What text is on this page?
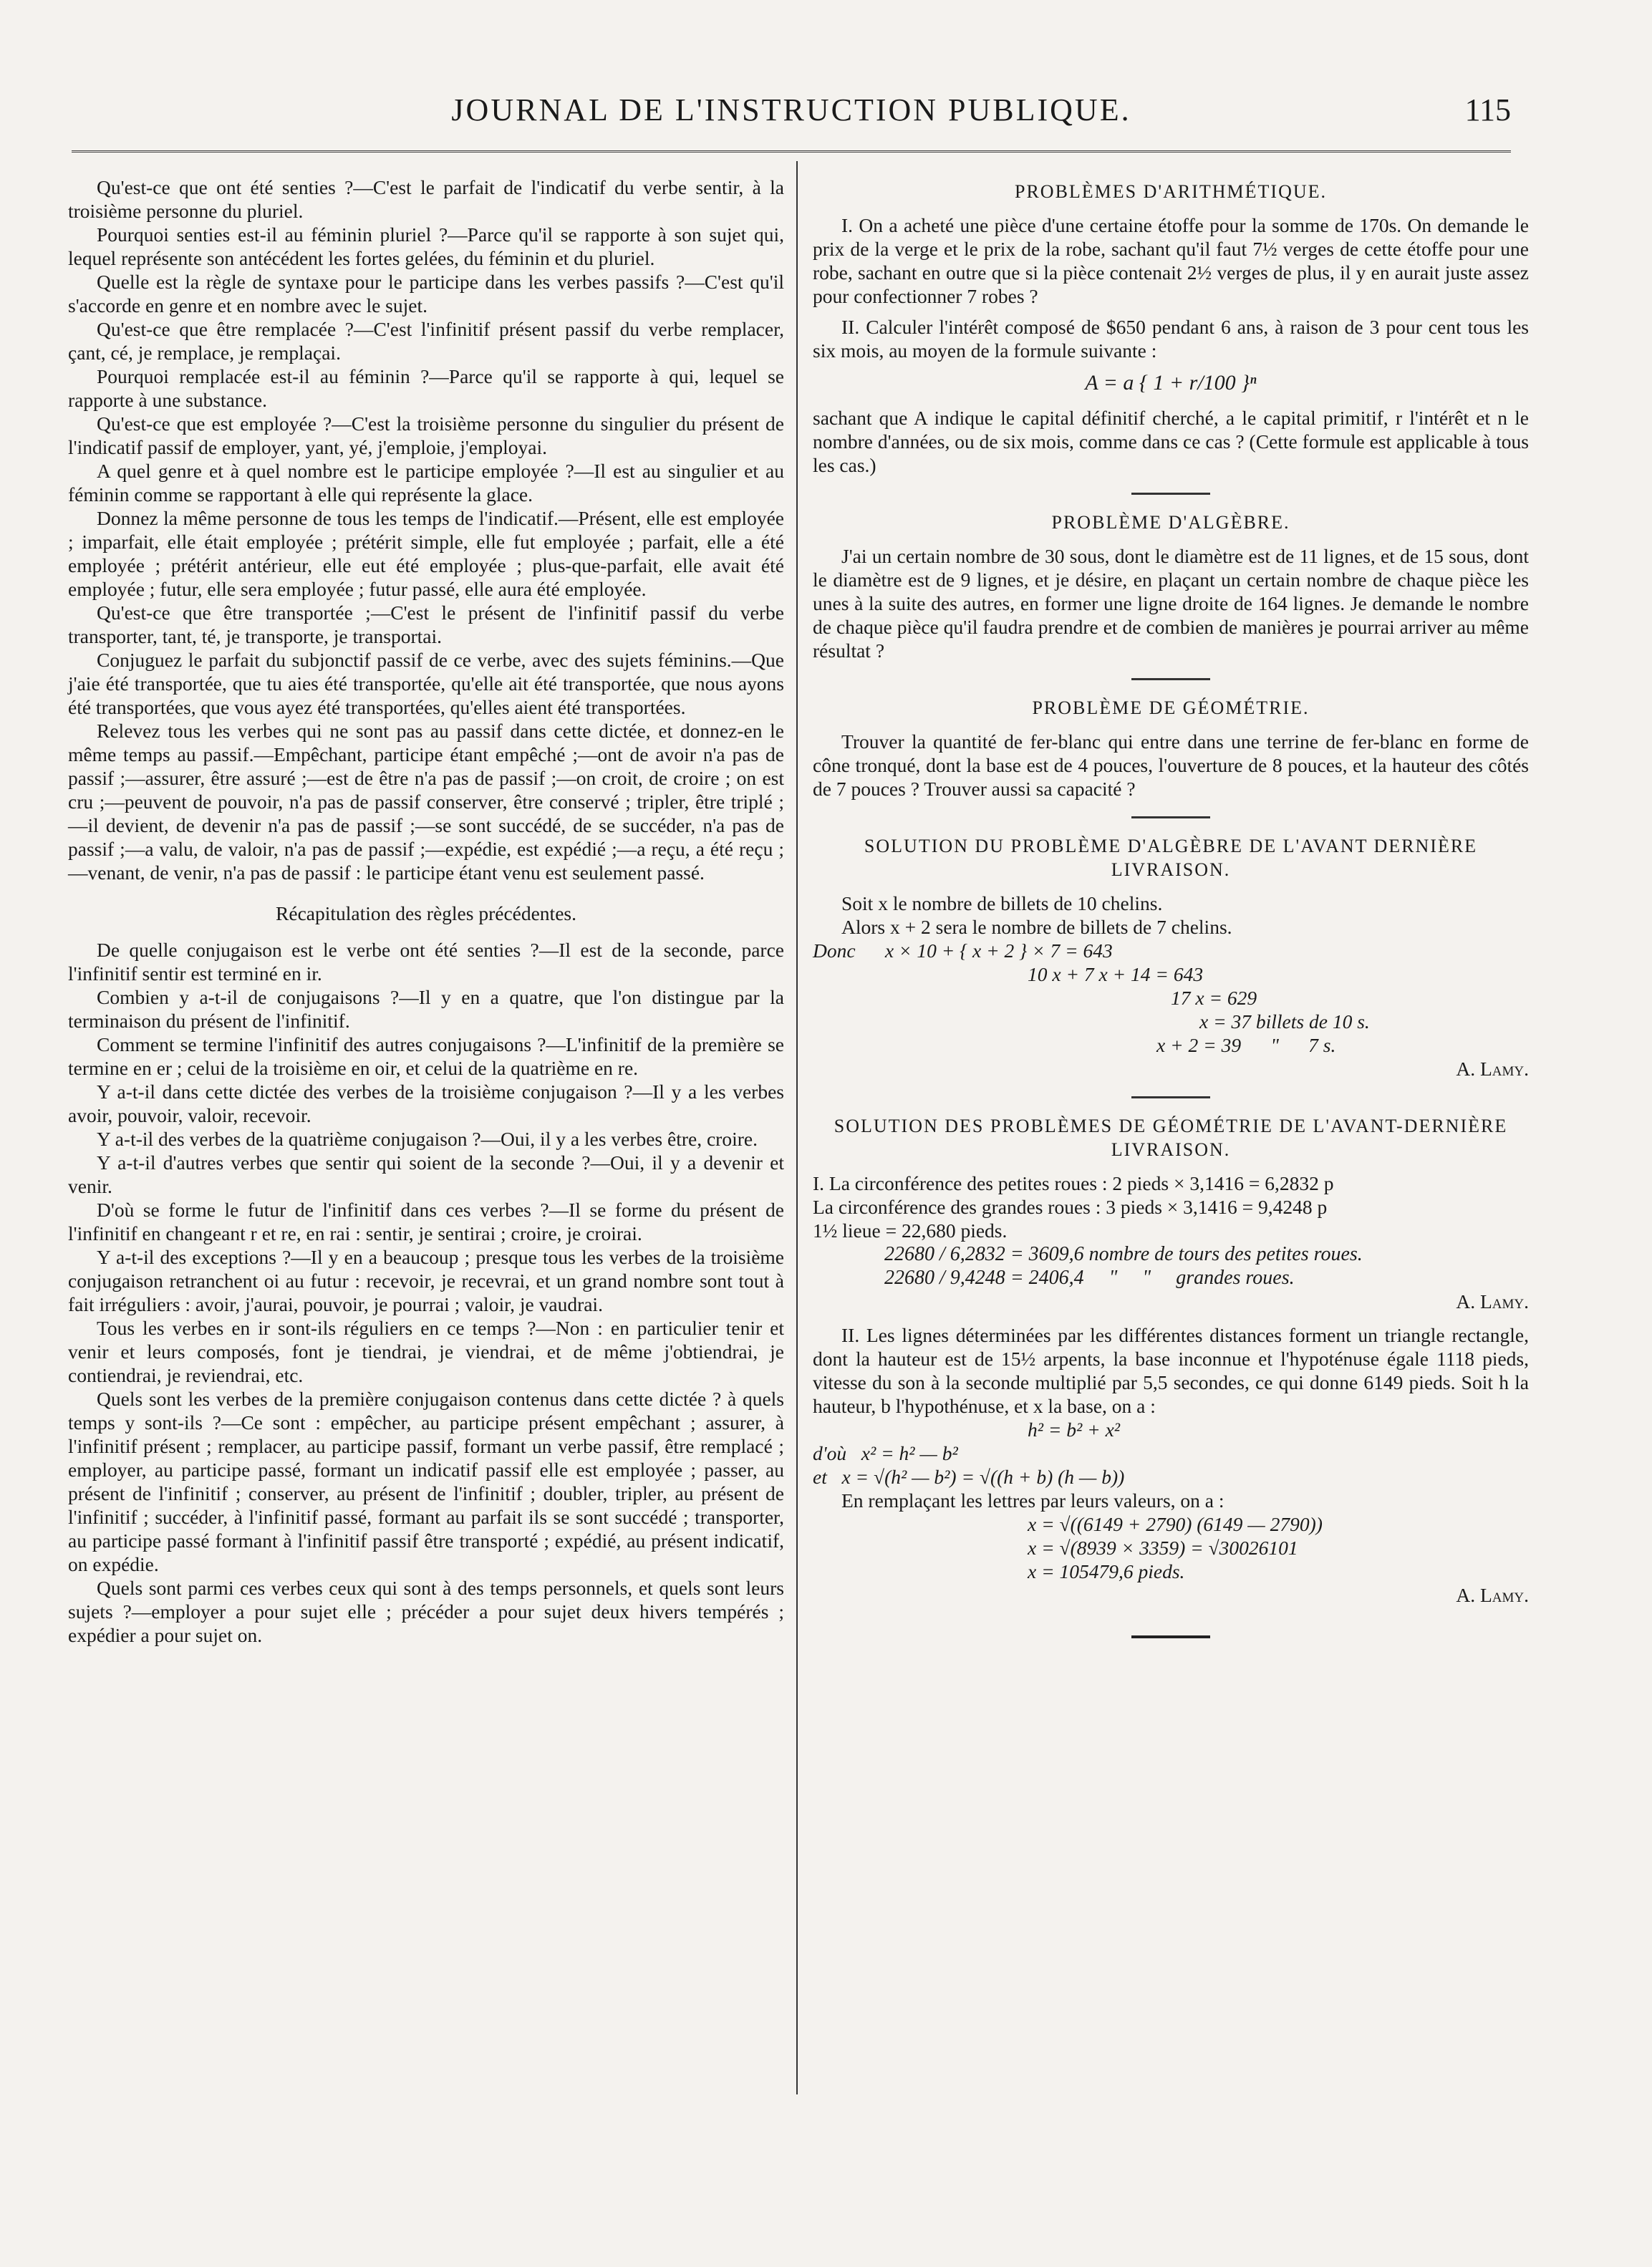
JOURNAL DE L'INSTRUCTION PUBLIQUE.	115

Qu'est-ce que ont été senties ?—C'est le parfait de l'indicatif du verbe sentir, à la troisième personne du pluriel.

Pourquoi senties est-il au féminin pluriel ?—Parce qu'il se rapporte à son sujet qui, lequel représente son antécédent les fortes gelées, du féminin et du pluriel.

Quelle est la règle de syntaxe pour le participe dans les verbes passifs ?—C'est qu'il s'accorde en genre et en nombre avec le sujet.

Qu'est-ce que être remplacée ?—C'est l'infinitif présent passif du verbe remplacer, çant, cé, je remplace, je remplaçai.

Pourquoi remplacée est-il au féminin ?—Parce qu'il se rapporte à qui, lequel se rapporte à une substance.

Qu'est-ce que est employée ?—C'est la troisième personne du singulier du présent de l'indicatif passif de employer, yant, yé, j'emploie, j'employai.

A quel genre et à quel nombre est le participe employée ?—Il est au singulier et au féminin comme se rapportant à elle qui représente la glace.

Donnez la même personne de tous les temps de l'indicatif.—Présent, elle est employée ; imparfait, elle était employée ; prétérit simple, elle fut employée ; parfait, elle a été employée ; prétérit antérieur, elle eut été employée ; plus-que-parfait, elle avait été employée ; futur, elle sera employée ; futur passé, elle aura été employée.

Qu'est-ce que être transportée ;—C'est le présent de l'infinitif passif du verbe transporter, tant, té, je transporte, je transportai.

Conjuguez le parfait du subjonctif passif de ce verbe, avec des sujets féminins.—Que j'aie été transportée, que tu aies été transportée, qu'elle ait été transportée, que nous ayons été transportées, que vous ayez été transportées, qu'elles aient été transportées.

Relevez tous les verbes qui ne sont pas au passif dans cette dictée, et donnez-en le même temps au passif.—Empêchant, participe étant empêché ;—ont de avoir n'a pas de passif ;—assurer, être assuré ;—est de être n'a pas de passif ;—on croit, de croire ; on est cru ;—peuvent de pouvoir, n'a pas de passif conserver, être conservé ; tripler, être triplé ;—il devient, de devenir n'a pas de passif ;—se sont succédé, de se succéder, n'a pas de passif ;—a valu, de valoir, n'a pas de passif ;—expédie, est expédié ;—a reçu, a été reçu ;—venant, de venir, n'a pas de passif : le participe étant venu est seulement passé.

Récapitulation des règles précédentes.

De quelle conjugaison est le verbe ont été senties ?—Il est de la seconde, parce l'infinitif sentir est terminé en ir.

Combien y a-t-il de conjugaisons ?—Il y en a quatre, que l'on distingue par la terminaison du présent de l'infinitif.

Comment se termine l'infinitif des autres conjugaisons ?—L'infinitif de la première se termine en er ; celui de la troisième en oir, et celui de la quatrième en re.

Y a-t-il dans cette dictée des verbes de la troisième conjugaison ?—Il y a les verbes avoir, pouvoir, valoir, recevoir.

Y a-t-il des verbes de la quatrième conjugaison ?—Oui, il y a les verbes être, croire.

Y a-t-il d'autres verbes que sentir qui soient de la seconde ?—Oui, il y a devenir et venir.

D'où se forme le futur de l'infinitif dans ces verbes ?—Il se forme du présent de l'infinitif en changeant r et re, en rai : sentir, je sentirai ; croire, je croirai.

Y a-t-il des exceptions ?—Il y en a beaucoup ; presque tous les verbes de la troisième conjugaison retranchent oi au futur : recevoir, je recevrai, et un grand nombre sont tout à fait irréguliers : avoir, j'aurai, pouvoir, je pourrai ; valoir, je vaudrai.

Tous les verbes en ir sont-ils réguliers en ce temps ?—Non : en particulier tenir et venir et leurs composés, font je tiendrai, je viendrai, et de même j'obtiendrai, je contiendrai, je reviendrai, etc.

Quels sont les verbes de la première conjugaison contenus dans cette dictée ? à quels temps y sont-ils ?—Ce sont : empêcher, au participe présent empêchant ; assurer, à l'infinitif présent ; remplacer, au participe passif, formant un verbe passif, être remplacé ; employer, au participe passé, formant un indicatif passif elle est employée ; passer, au présent de l'infinitif ; conserver, au présent de l'infinitif ; doubler, tripler, au présent de l'infinitif ; succéder, à l'infinitif passé, formant au parfait ils se sont succédé ; transporter, au participe passé formant à l'infinitif passif être transporté ; expédié, au présent indicatif, on expédie.

Quels sont parmi ces verbes ceux qui sont à des temps personnels, et quels sont leurs sujets ?—employer a pour sujet elle ; précéder a pour sujet deux hivers tempérés ; expédier a pour sujet on.

PROBLÈMES D'ARITHMÉTIQUE.

I. On a acheté une pièce d'une certaine étoffe pour la somme de 170s. On demande le prix de la verge et le prix de la robe, sachant qu'il faut 7½ verges de cette étoffe pour une robe, sachant en outre que si la pièce contenait 2½ verges de plus, il y en aurait juste assez pour confectionner 7 robes ?

II. Calculer l'intérêt composé de $650 pendant 6 ans, à raison de 3 pour cent tous les six mois, au moyen de la formule suivante :

A = a { 1 + r/100 }ⁿ

sachant que A indique le capital définitif cherché, a le capital primitif, r l'intérêt et n le nombre d'années, ou de six mois, comme dans ce cas ? (Cette formule est applicable à tous les cas.)

PROBLÈME D'ALGÈBRE.

J'ai un certain nombre de 30 sous, dont le diamètre est de 11 lignes, et de 15 sous, dont le diamètre est de 9 lignes, et je désire, en plaçant un certain nombre de chaque pièce les unes à la suite des autres, en former une ligne droite de 164 lignes. Je demande le nombre de chaque pièce qu'il faudra prendre et de combien de manières je pourrai arriver au même résultat ?

PROBLÈME DE GÉOMÉTRIE.

Trouver la quantité de fer-blanc qui entre dans une terrine de fer-blanc en forme de cône tronqué, dont la base est de 4 pouces, l'ouverture de 8 pouces, et la hauteur des côtés de 7 pouces ? Trouver aussi sa capacité ?

SOLUTION DU PROBLÈME D'ALGÈBRE DE L'AVANT DERNIÈRE LIVRAISON.

Soit x le nombre de billets de 10 chelins.

Alors x + 2 sera le nombre de billets de 7 chelins.

Donc      x × 10 + { x + 2 } × 7 = 643

10 x + 7 x + 14 = 643

17 x = 629

x = 37 billets de 10 s.

x + 2 = 39      "      7 s.

A. Lamy.

SOLUTION DES PROBLÈMES DE GÉOMÉTRIE DE L'AVANT-DERNIÈRE LIVRAISON.

I. La circonférence des petites roues : 2 pieds × 3,1416 = 6,2832 p

La circonférence des grandes roues : 3 pieds × 3,1416 = 9,4248 p

1½ lieue = 22,680 pieds.

22680 / 6,2832 = 3609,6 nombre de tours des petites roues.

22680 / 9,4248 = 2406,4     "     "     grandes roues.

A. Lamy.

II. Les lignes déterminées par les différentes distances forment un triangle rectangle, dont la hauteur est de 15½ arpents, la base inconnue et l'hypoténuse égale 1118 pieds, vitesse du son à la seconde multiplié par 5,5 secondes, ce qui donne 6149 pieds. Soit h la hauteur, b l'hypothénuse, et x la base, on a :

h² = b² + x²

d'où   x² = h² — b²

et   x = √(h² — b²) = √((h + b) (h — b))

En remplaçant les lettres par leurs valeurs, on a :

x = √((6149 + 2790) (6149 — 2790))

x = √(8939 × 3359) = √30026101

x = 105479,6 pieds.

A. Lamy.
